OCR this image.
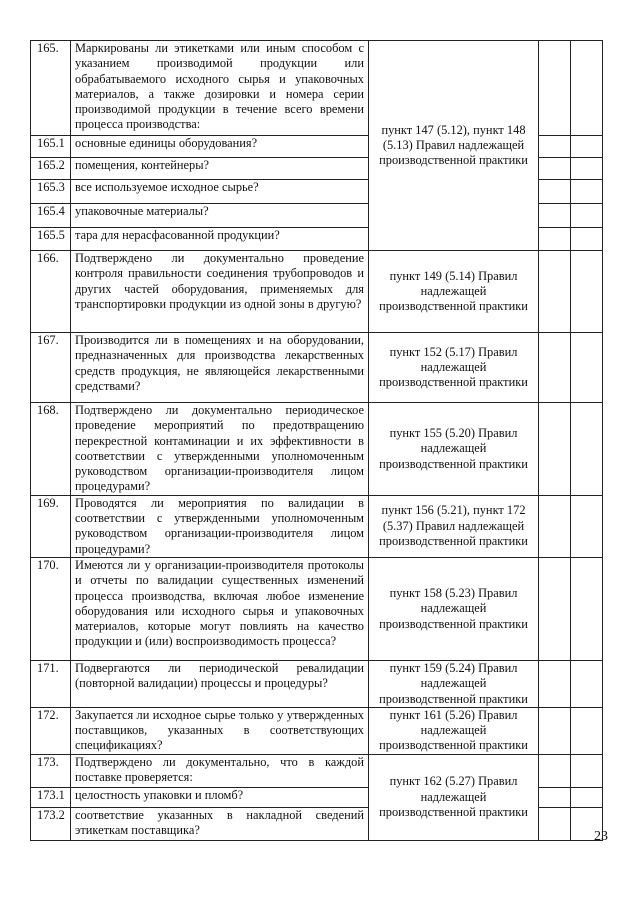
165.	Маркированы ли этикетками или иным способом с указанием производимой продукции или обрабатываемого исходного сырья и упаковочных материалов, а также дозировки и номера серии производимой продукции в течение всего времени процесса производства:	пункт 147 (5.12), пункт 148 (5.13) Правил надлежащей производственной практики		
165.1	основные единицы оборудования?			
165.2	помещения, контейнеры?			
165.3	все используемое исходное сырье?			
165.4	упаковочные материалы?			
165.5	тара для нерасфасованной продукции?			
166.	Подтверждено ли документально проведение контроля правильности соединения трубопроводов и других частей оборудования, применяемых для транспортировки продукции из одной зоны в другую?	пункт 149 (5.14) Правил надлежащей производственной практики		
167.	Производится ли в помещениях и на оборудовании, предназначенных для производства лекарственных средств продукция, не являющейся лекарственными средствами?	пункт 152 (5.17) Правил надлежащей производственной практики		
168.	Подтверждено ли документально периодическое проведение мероприятий по предотвращению перекрестной контаминации и их эффективности в соответствии с утвержденными уполномоченным руководством организации-производителя лицом процедурами?	пункт 155 (5.20) Правил надлежащей производственной практики		
169.	Проводятся ли мероприятия по валидации в соответствии с утвержденными уполномоченным руководством организации-производителя лицом процедурами?	пункт 156 (5.21), пункт 172 (5.37) Правил надлежащей производственной практики		
170.	Имеются ли у организации-производителя протоколы и отчеты по валидации существенных изменений процесса производства, включая любое изменение оборудования или исходного сырья и упаковочных материалов, которые могут повлиять на качество продукции и (или) воспроизводимость процесса?	пункт 158 (5.23) Правил надлежащей производственной практики		
171.	Подвергаются ли периодической ревалидации (повторной валидации) процессы и процедуры?	пункт 159 (5.24) Правил надлежащей производственной практики		
172.	Закупается ли исходное сырье только у утвержденных поставщиков, указанных в соответствующих спецификациях?	пункт 161 (5.26) Правил надлежащей производственной практики		
173.	Подтверждено ли документально, что в каждой поставке проверяется:	пункт 162 (5.27) Правил надлежащей производственной практики		
173.1	целостность упаковки и пломб?			
173.2	соответствие указанных в накладной сведений этикеткам поставщика?				23
